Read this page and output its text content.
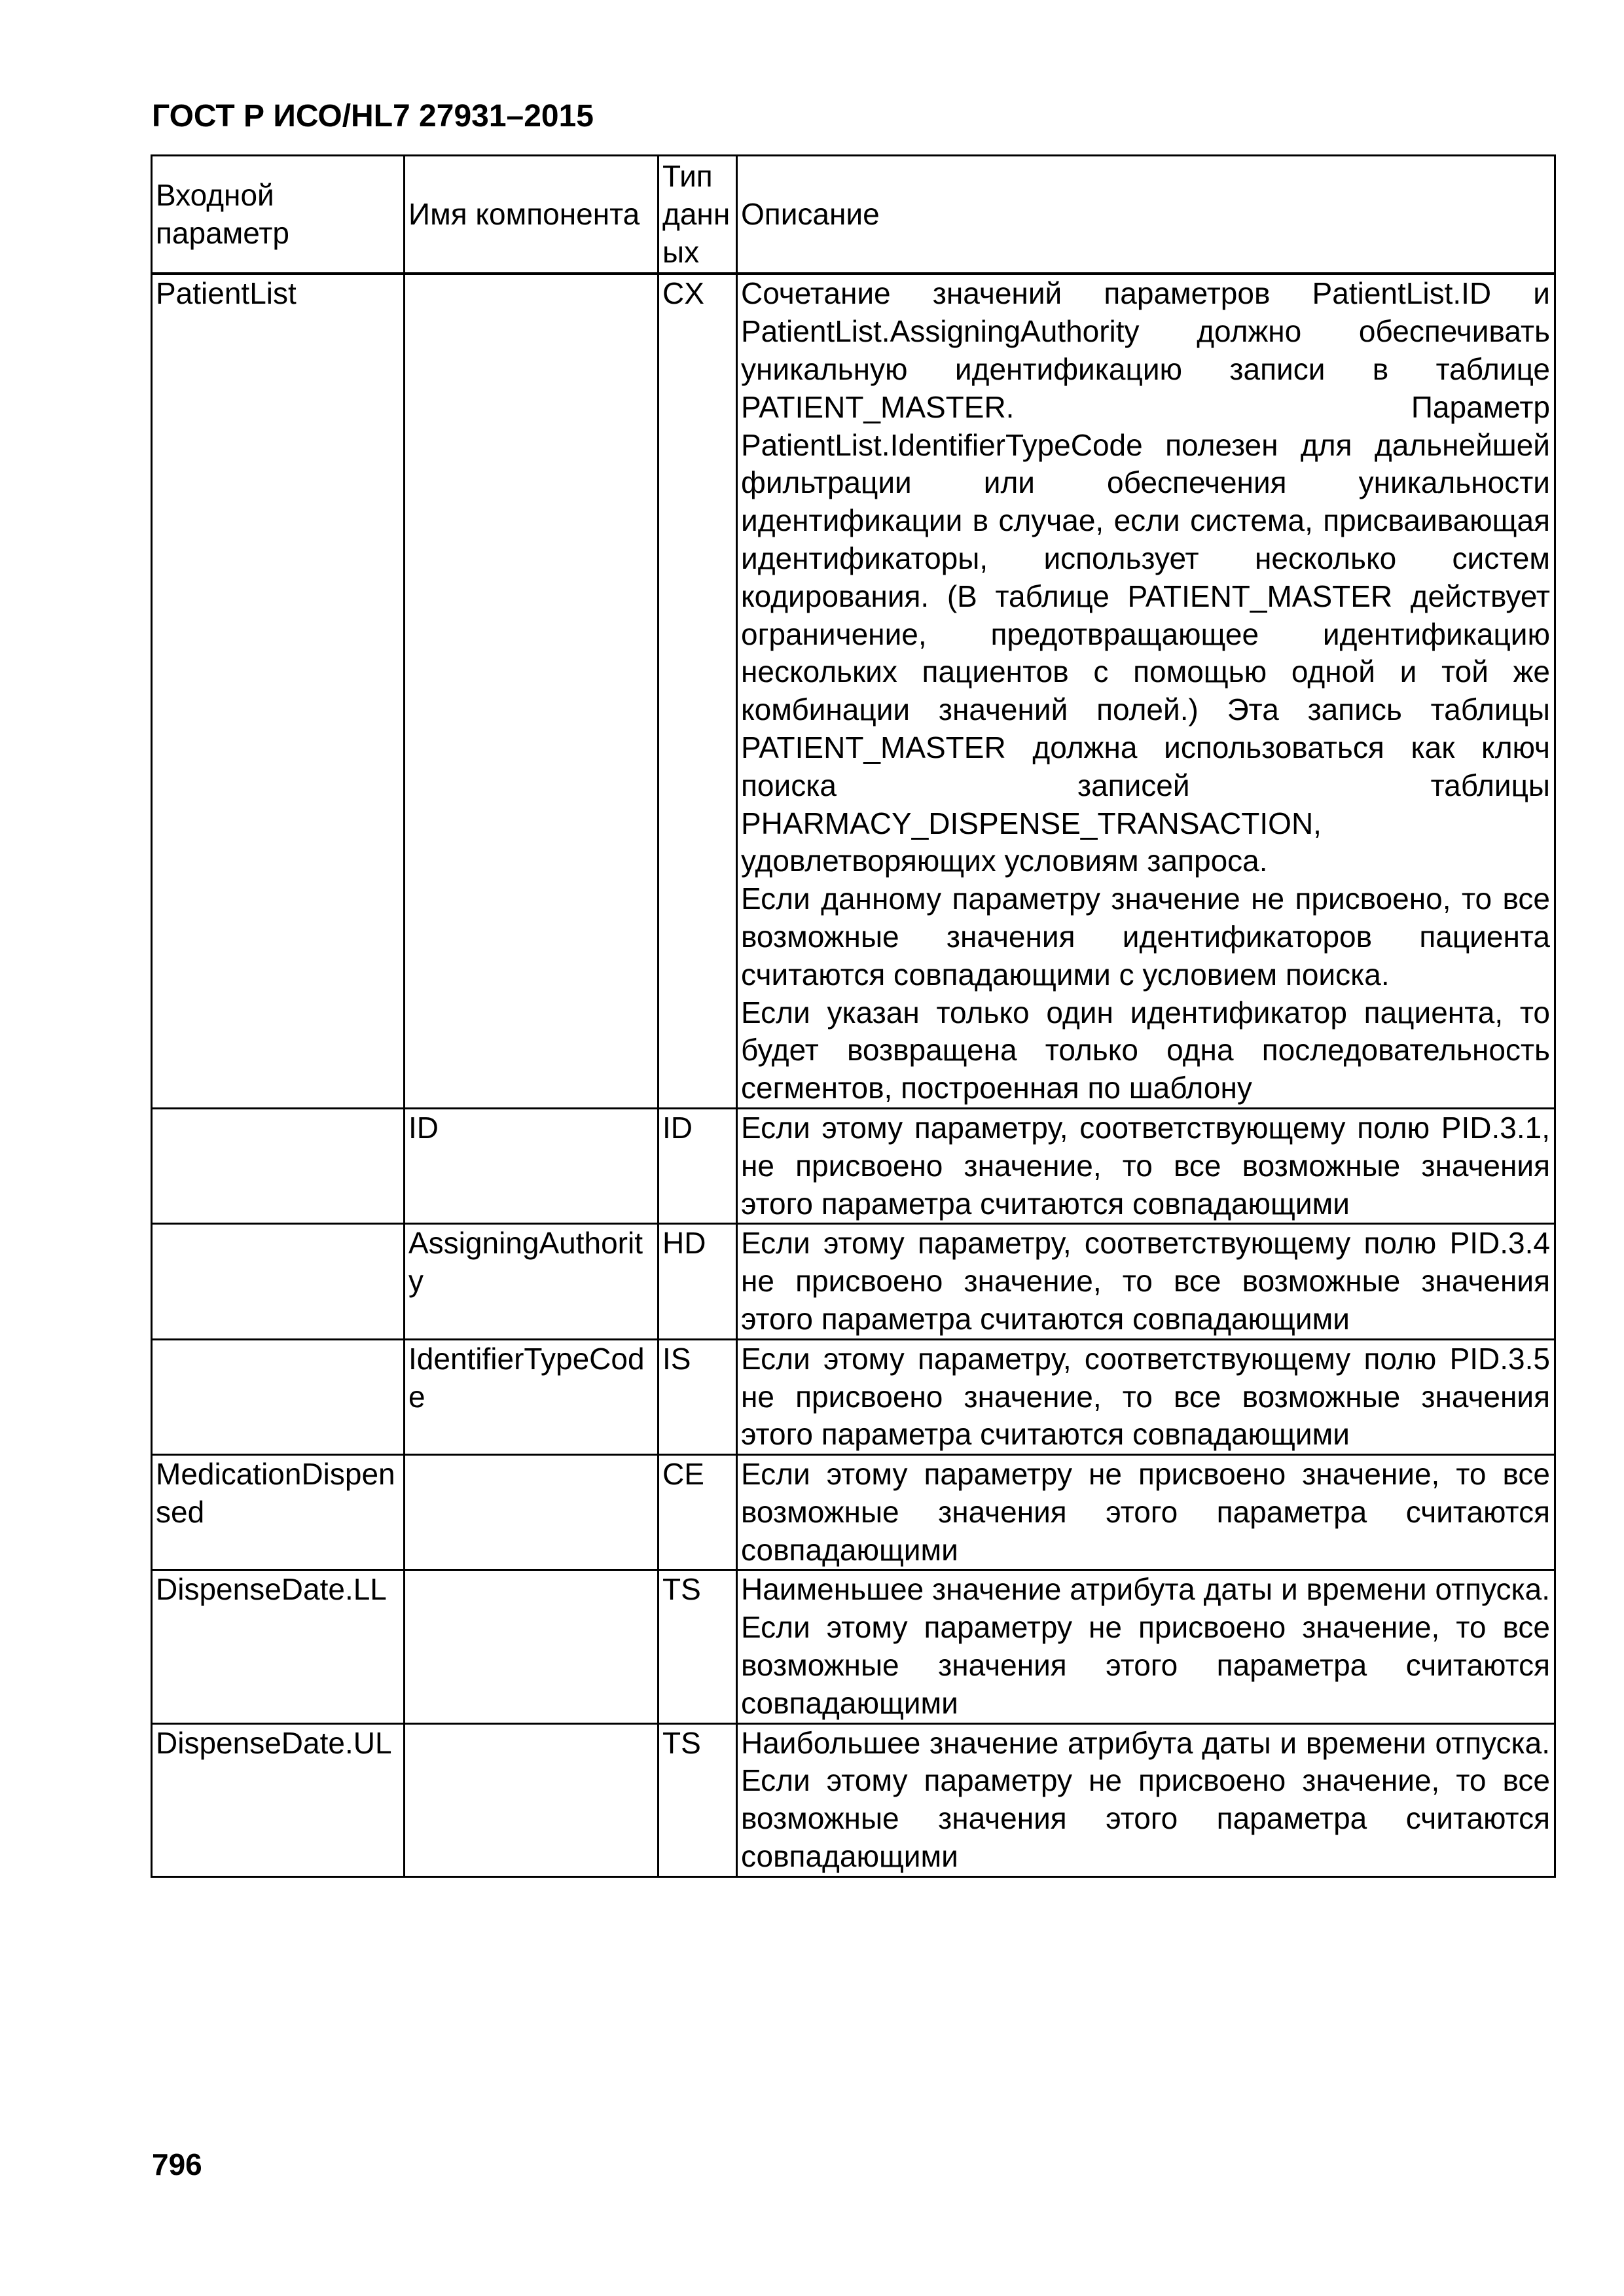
ГОСТ Р ИСО/HL7 27931–2015
Входной параметр	Имя компонента	Тип данных	Описание
PatientList		CX	Сочетание значений параметров PatientList.ID и PatientList.AssigningAuthority должно обеспечивать уникальную идентификацию записи в таблице PATIENT_MASTER. Параметр PatientList.IdentifierTypeCode полезен для дальнейшей фильтрации или обеспечения уникальности идентификации в случае, если система, присваивающая идентификаторы, использует несколько систем кодирования. (В таблице PATIENT_MASTER действует ограничение, предотвращающее идентификацию нескольких пациентов с помощью одной и той же комбинации значений полей.) Эта запись таблицы PATIENT_MASTER должна использоваться как ключ поиска записей таблицы PHARMACY_DISPENSE_TRANSACTION, удовлетворяющих условиям запроса.

Если данному параметру значение не присвоено, то все возможные значения идентификаторов пациента считаются совпадающими с условием поиска.

Если указан только один идентификатор пациента, то будет возвращена только одна последовательность сегментов, построенная по шаблону

	ID	ID	Если этому параметру, соответствующему полю PID.3.1, не присвоено значение, то все возможные значения этого параметра считаются совпадающими

	AssigningAuthority	HD	Если этому параметру, соответствующему полю PID.3.4 не присвоено значение, то все возможные значения этого параметра считаются совпадающими

	IdentifierTypeCode	IS	Если этому параметру, соответствующему полю PID.3.5 не присвоено значение, то все возможные значения этого параметра считаются совпадающими

MedicationDispensed		CE	Если этому параметру не присвоено значение, то все возможные значения этого параметра считаются совпадающими

DispenseDate.LL		TS	Наименьшее значение атрибута даты и времени отпуска. Если этому параметру не присвоено значение, то все возможные значения этого параметра считаются совпадающими

DispenseDate.UL		TS	Наибольшее значение атрибута даты и времени отпуска. Если этому параметру не присвоено значение, то все возможные значения этого параметра считаются совпадающими

796
